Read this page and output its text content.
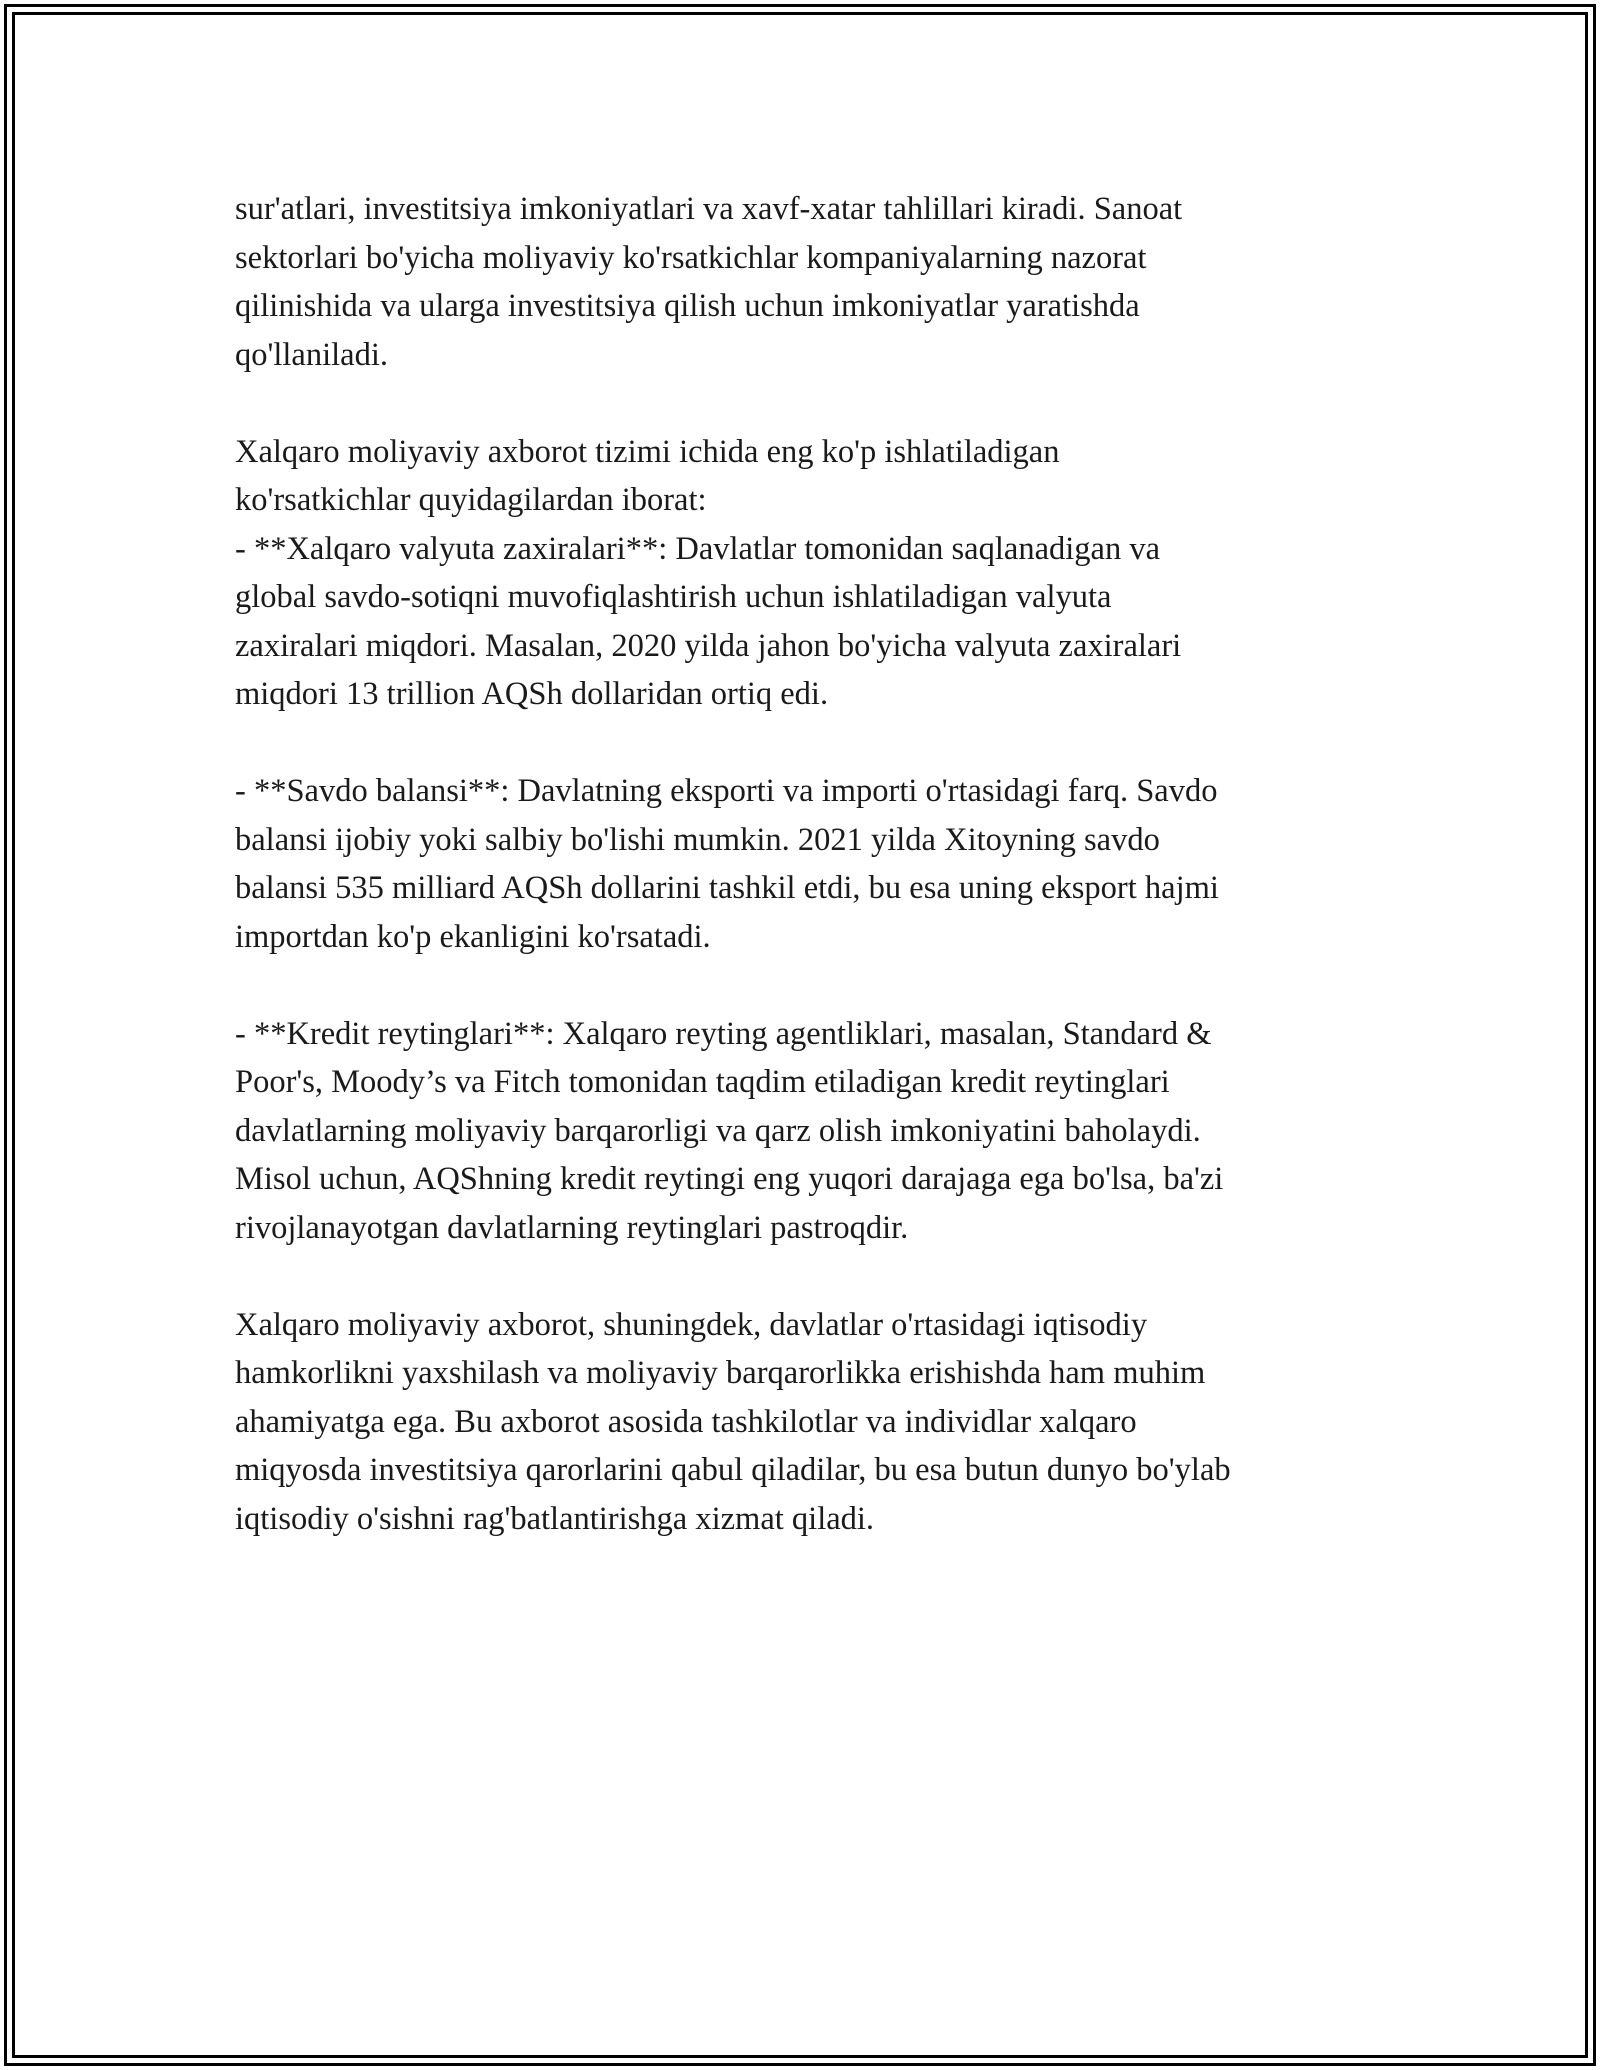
sur'atlari, investitsiya imkoniyatlari va xavf-xatar tahlillari kiradi. Sanoat
sektorlari bo'yicha moliyaviy ko'rsatkichlar kompaniyalarning nazorat
qilinishida va ularga investitsiya qilish uchun imkoniyatlar yaratishda
qo'llaniladi.

Xalqaro moliyaviy axborot tizimi ichida eng ko'p ishlatiladigan
ko'rsatkichlar quyidagilardan iborat:
- **Xalqaro valyuta zaxiralari**: Davlatlar tomonidan saqlanadigan va
global savdo-sotiqni muvofiqlashtirish uchun ishlatiladigan valyuta
zaxiralari miqdori. Masalan, 2020 yilda jahon bo'yicha valyuta zaxiralari
miqdori 13 trillion AQSh dollaridan ortiq edi.

- **Savdo balansi**: Davlatning eksporti va importi o'rtasidagi farq. Savdo
balansi ijobiy yoki salbiy bo'lishi mumkin. 2021 yilda Xitoyning savdo
balansi 535 milliard AQSh dollarini tashkil etdi, bu esa uning eksport hajmi
importdan ko'p ekanligini ko'rsatadi.

- **Kredit reytinglari**: Xalqaro reyting agentliklari, masalan, Standard &
Poor's, Moody’s va Fitch tomonidan taqdim etiladigan kredit reytinglari
davlatlarning moliyaviy barqarorligi va qarz olish imkoniyatini baholaydi.
Misol uchun, AQShning kredit reytingi eng yuqori darajaga ega bo'lsa, ba'zi
rivojlanayotgan davlatlarning reytinglari pastroqdir.

Xalqaro moliyaviy axborot, shuningdek, davlatlar o'rtasidagi iqtisodiy
hamkorlikni yaxshilash va moliyaviy barqarorlikka erishishda ham muhim
ahamiyatga ega. Bu axborot asosida tashkilotlar va individlar xalqaro
miqyosda investitsiya qarorlarini qabul qiladilar, bu esa butun dunyo bo'ylab
iqtisodiy o'sishni rag'batlantirishga xizmat qiladi.
